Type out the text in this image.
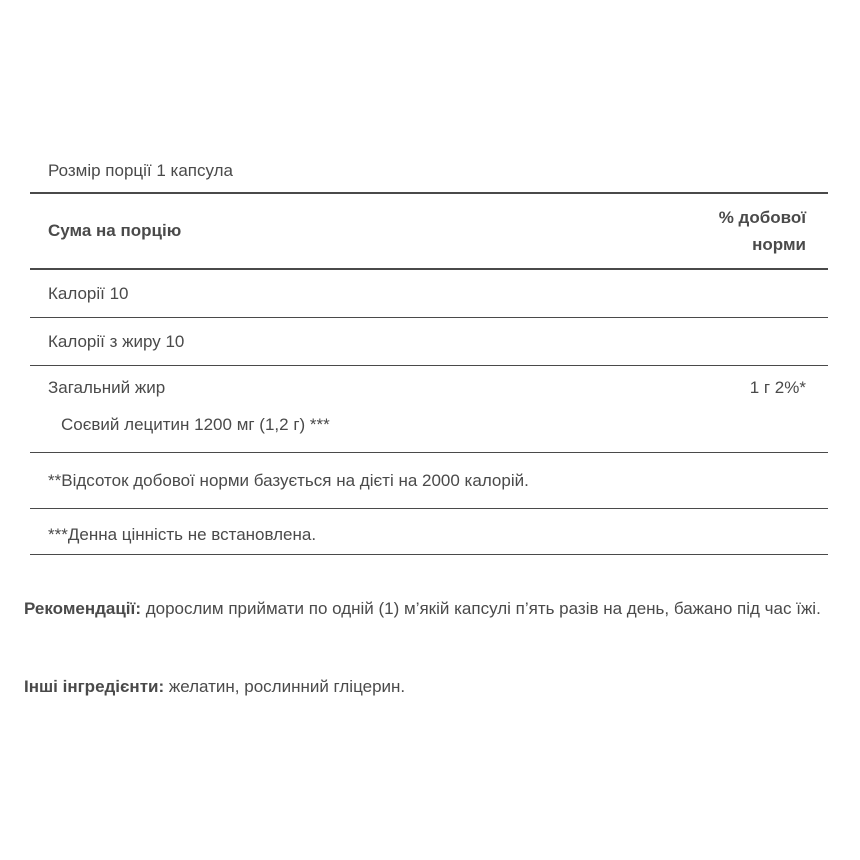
Розмір порції 1 капсула
Сума на порцію
% добової
норми
Калорії 10
Калорії з жиру 10
Загальний жир	1 г 2%*
Соєвий лецитин 1200 мг (1,2 г) ***
**Відсоток добової норми базується на дієті на 2000 калорій.
***Денна цінність не встановлена.
Рекомендації: дорослим приймати по одній (1) м’якій капсулі п’ять разів на день, бажано під час їжі.
Інші інгредієнти: желатин, рослинний гліцерин.
